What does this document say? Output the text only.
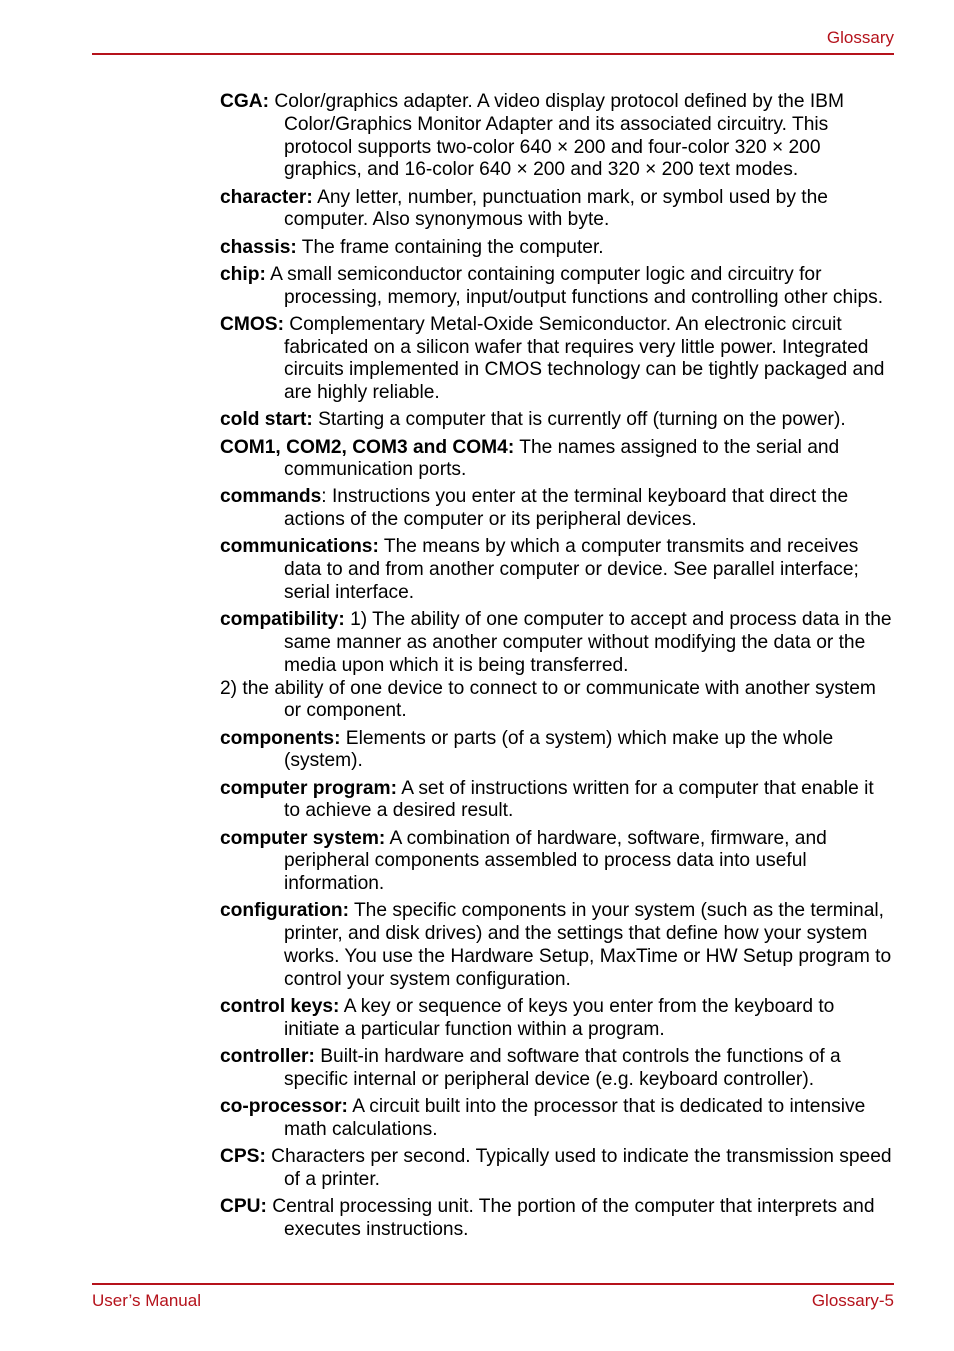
Glossary

CGA: Color/graphics adapter. A video display protocol defined by the IBM Color/Graphics Monitor Adapter and its associated circuitry. This protocol supports two-color 640 × 200 and four-color 320 × 200 graphics, and 16-color 640 × 200 and 320 × 200 text modes.

character: Any letter, number, punctuation mark, or symbol used by the computer. Also synonymous with byte.

chassis: The frame containing the computer.

chip: A small semiconductor containing computer logic and circuitry for processing, memory, input/output functions and controlling other chips.

CMOS: Complementary Metal-Oxide Semiconductor. An electronic circuit fabricated on a silicon wafer that requires very little power. Integrated circuits implemented in CMOS technology can be tightly packaged and are highly reliable.

cold start: Starting a computer that is currently off (turning on the power).

COM1, COM2, COM3 and COM4: The names assigned to the serial and communication ports.

commands: Instructions you enter at the terminal keyboard that direct the actions of the computer or its peripheral devices.

communications: The means by which a computer transmits and receives data to and from another computer or device. See parallel interface; serial interface.

compatibility: 1) The ability of one computer to accept and process data in the same manner as another computer without modifying the data or the media upon which it is being transferred.
2) the ability of one device to connect to or communicate with another system or component.

components: Elements or parts (of a system) which make up the whole (system).

computer program: A set of instructions written for a computer that enable it to achieve a desired result.

computer system: A combination of hardware, software, firmware, and peripheral components assembled to process data into useful information.

configuration: The specific components in your system (such as the terminal, printer, and disk drives) and the settings that define how your system works. You use the Hardware Setup, MaxTime or HW Setup program to control your system configuration.

control keys: A key or sequence of keys you enter from the keyboard to initiate a particular function within a program.

controller: Built-in hardware and software that controls the functions of a specific internal or peripheral device (e.g. keyboard controller).

co-processor: A circuit built into the processor that is dedicated to intensive math calculations.

CPS: Characters per second. Typically used to indicate the transmission speed of a printer.

CPU: Central processing unit. The portion of the computer that interprets and executes instructions.

User’s Manual	Glossary-5
